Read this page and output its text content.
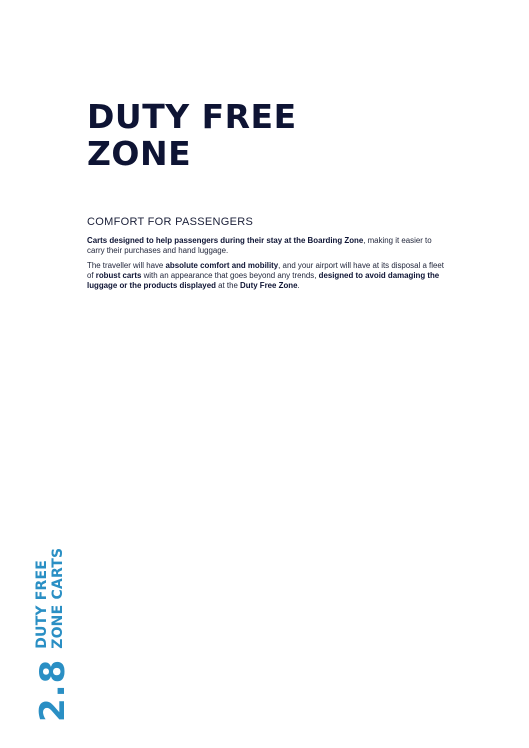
DUTY FREE
ZONE
COMFORT FOR PASSENGERS

Carts designed to help passengers during their stay at the Boarding Zone, making it easier to carry their purchases and hand luggage.

The traveller will have absolute comfort and mobility, and your airport will have at its disposal a fleet of robust carts with an appearance that goes beyond any trends, designed to avoid damaging the luggage or the products displayed at the Duty Free Zone.

2.8
DUTY FREE ZONE CARTS
